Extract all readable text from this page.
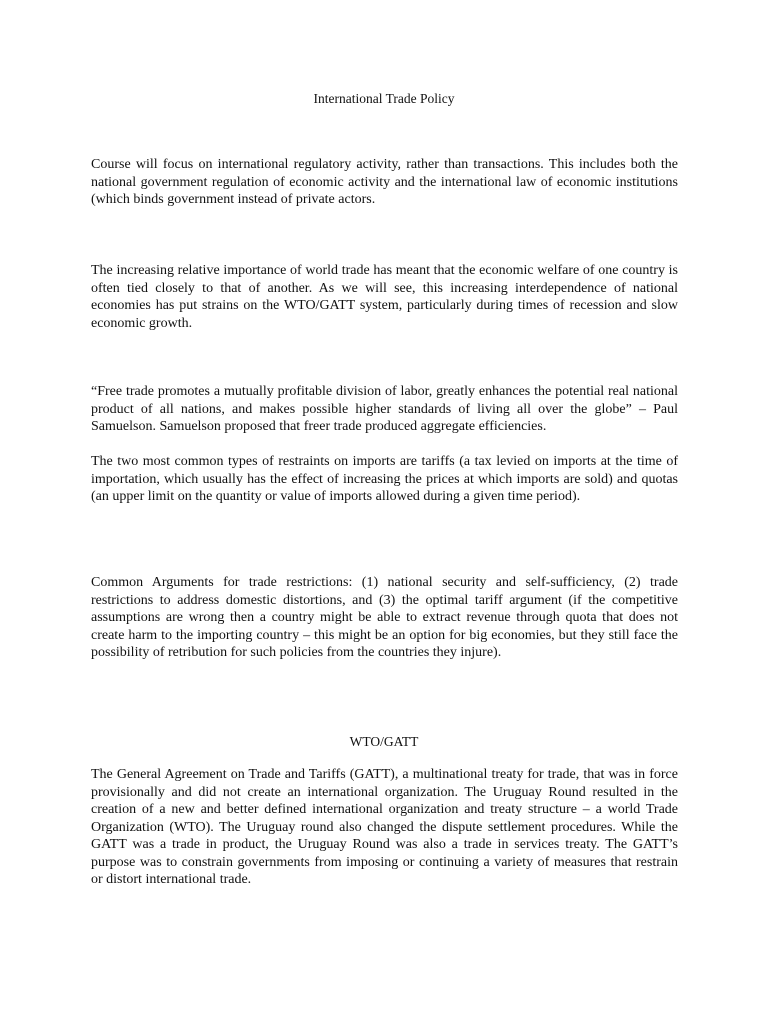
International Trade Policy

Course will focus on international regulatory activity, rather than transactions. This includes both the national government regulation of economic activity and the international law of economic institutions (which binds government instead of private actors.

The increasing relative importance of world trade has meant that the economic welfare of one country is often tied closely to that of another. As we will see, this increasing interdependence of national economies has put strains on the WTO/GATT system, particularly during times of recession and slow economic growth.

“Free trade promotes a mutually profitable division of labor, greatly enhances the potential real national product of all nations, and makes possible higher standards of living all over the globe” – Paul Samuelson. Samuelson proposed that freer trade produced aggregate efficiencies.

The two most common types of restraints on imports are tariffs (a tax levied on imports at the time of importation, which usually has the effect of increasing the prices at which imports are sold) and quotas (an upper limit on the quantity or value of imports allowed during a given time period).

Common Arguments for trade restrictions: (1) national security and self-sufficiency, (2) trade restrictions to address domestic distortions, and (3) the optimal tariff argument (if the competitive assumptions are wrong then a country might be able to extract revenue through quota that does not create harm to the importing country – this might be an option for big economies, but they still face the possibility of retribution for such policies from the countries they injure).

WTO/GATT

The General Agreement on Trade and Tariffs (GATT), a multinational treaty for trade, that was in force provisionally and did not create an international organization. The Uruguay Round resulted in the creation of a new and better defined international organization and treaty structure – a world Trade Organization (WTO). The Uruguay round also changed the dispute settlement procedures. While the GATT was a trade in product, the Uruguay Round was also a trade in services treaty. The GATT’s purpose was to constrain governments from imposing or continuing a variety of measures that restrain or distort international trade.
